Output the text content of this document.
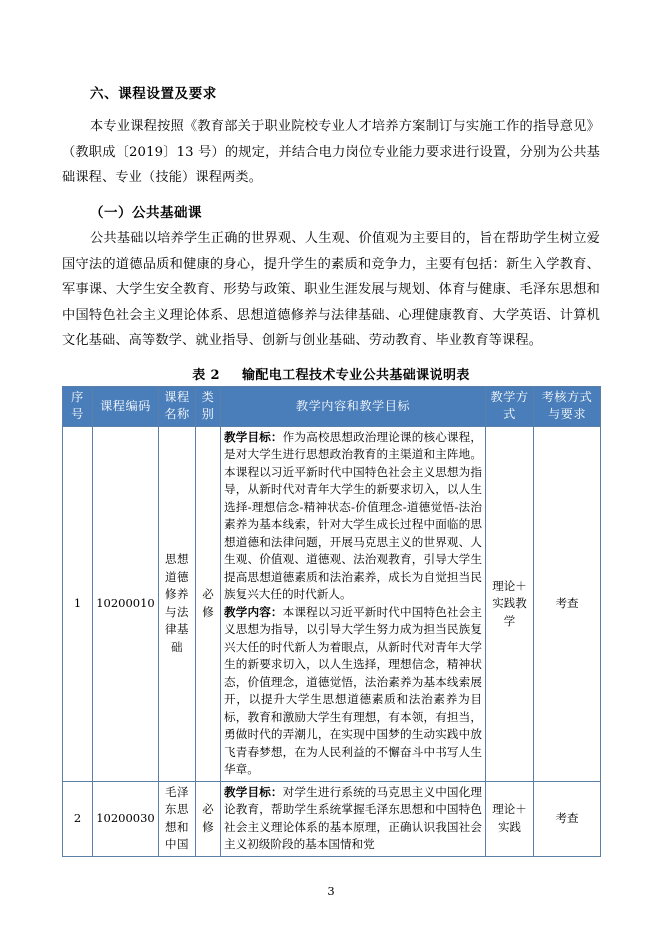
六、课程设置及要求

本专业课程按照《教育部关于职业院校专业人才培养方案制订与实施工作的指导意见》（教职成〔2019〕13 号）的规定，并结合电力岗位专业能力要求进行设置，分别为公共基础课程、专业（技能）课程两类。

（一）公共基础课

公共基础以培养学生正确的世界观、人生观、价值观为主要目的，旨在帮助学生树立爱国守法的道德品质和健康的身心，提升学生的素质和竞争力，主要有包括：新生入学教育、军事课、大学生安全教育、形势与政策、职业生涯发展与规划、体育与健康、毛泽东思想和中国特色社会主义理论体系、思想道德修养与法律基础、心理健康教育、大学英语、计算机文化基础、高等数学、就业指导、创新与创业基础、劳动教育、毕业教育等课程。

表 2 输配电工程技术专业公共基础课说明表
序号	课程编码	课程名称	类别	教学内容和教学目标	教学方式	考核方式与要求
1	10200010	思想道德修养与法律基础	必修	教学目标：作为高校思想政治理论课的核心课程，是对大学生进行思想政治教育的主渠道和主阵地。本课程以习近平新时代中国特色社会主义思想为指导，从新时代对青年大学生的新要求切入，以人生选择-理想信念-精神状态-价值理念-道德觉悟-法治素养为基本线索，针对大学生成长过程中面临的思想道德和法律问题，开展马克思主义的世界观、人生观、价值观、道德观、法治观教育，引导大学生提高思想道德素质和法治素养，成长为自觉担当民族复兴大任的时代新人。

教学内容：本课程以习近平新时代中国特色社会主义思想为指导，以引导大学生努力成为担当民族复兴大任的时代新人为着眼点，从新时代对青年大学生的新要求切入，以人生选择，理想信念，精神状态，价值理念，道德觉悟，法治素养为基本线索展开，以提升大学生思想道德素质和法治素养为目标，教育和激励大学生有理想，有本领，有担当，勇做时代的弄潮儿，在实现中国梦的生动实践中放飞青春梦想，在为人民利益的不懈奋斗中书写人生华章。	理论＋实践教学	考查
2	10200030	毛泽东思想和中国	必修	教学目标：对学生进行系统的马克思主义中国化理论教育，帮助学生系统掌握毛泽东思想和中国特色社会主义理论体系的基本原理，正确认识我国社会主义初级阶段的基本国情和党	理论＋实践	考查
3
